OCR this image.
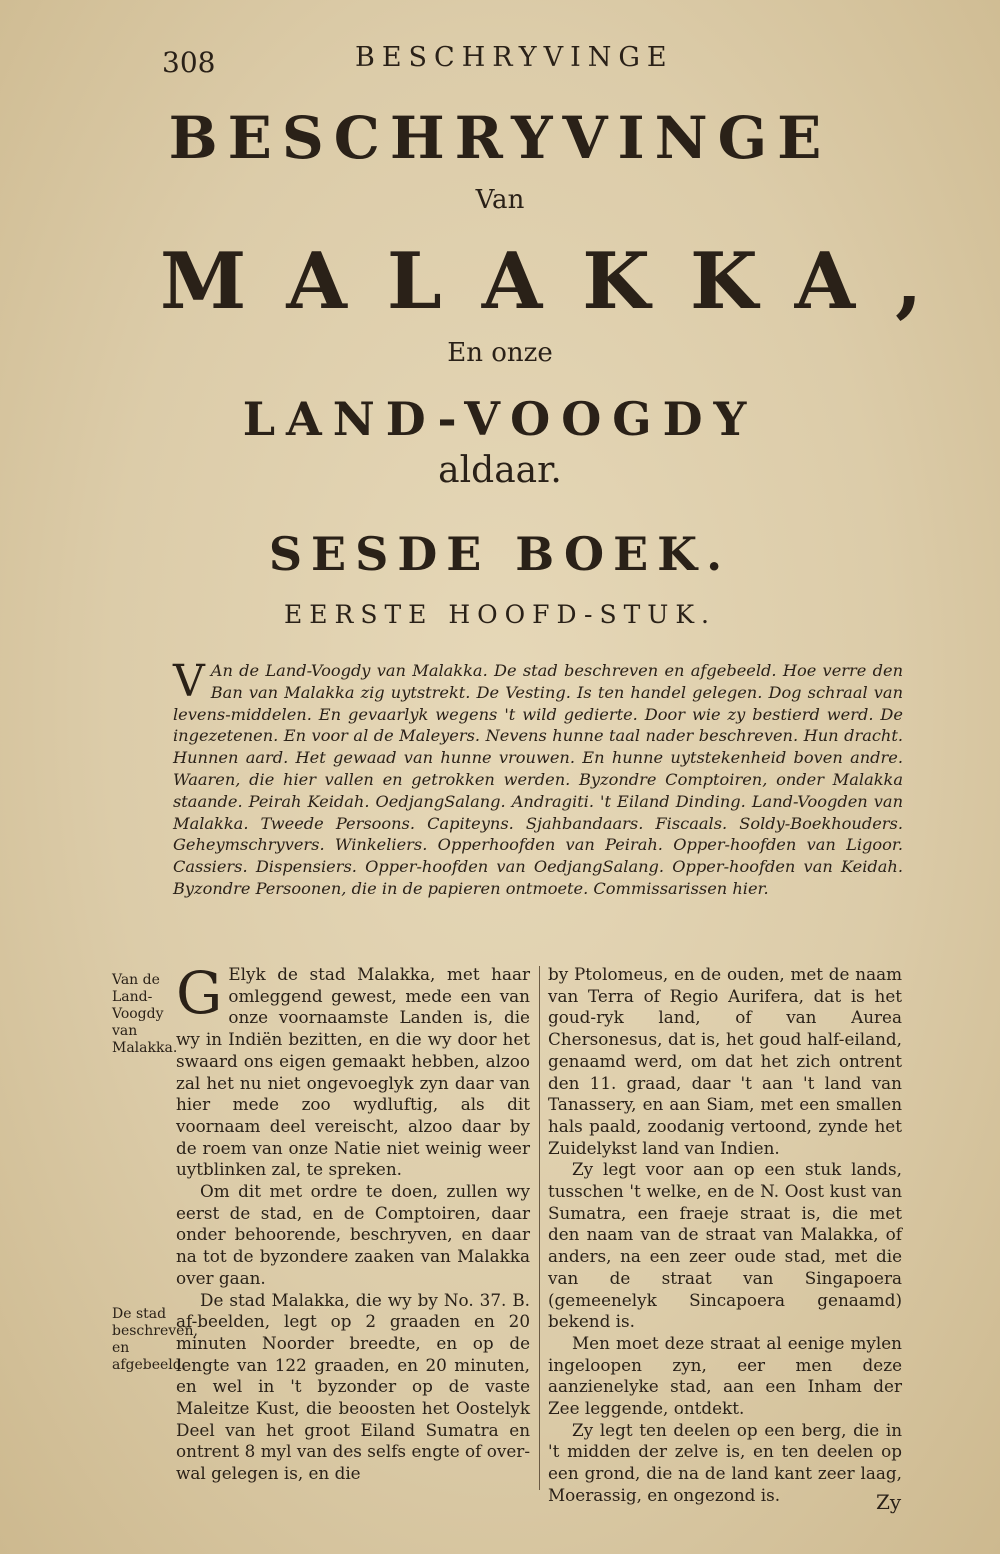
308	BESCHRYVINGE
BESCHRYVINGE
Van
MALAKKA,
En onze
LAND-VOOGDY
aldaar.
SESDE BOEK.
EERSTE HOOFD-STUK.
V An de Land-Voogdy van Malakka. De stad beschreven en afgebeeld. Hoe verre den Ban van Malakka zig uytstrekt. De Vesting. Is ten handel gelegen. Dog schraal van levens-middelen. En gevaarlyk wegens 't wild gedierte. Door wie zy bestierd werd. De ingezetenen. En voor al de Maleyers. Nevens hunne taal nader beschreven. Hun dracht. Hunnen aard. Het gewaad van hunne vrouwen. En hunne uytstekenheid boven andre. Waaren, die hier vallen en getrokken werden. Byzondre Comptoiren, onder Malakka staande. Peirah Keidah. OedjangSalang. Andragiti. 't Eiland Dinding. Land-Voogden van Malakka. Tweede Persoons. Capiteyns. Sjahbandaars. Fiscaals. Soldy-Boekhouders. Geheymschryvers. Winkeliers. Opperhoofden van Peirah. Opper-hoofden van Ligoor. Cassiers. Dispensiers. Opper-hoofden van OedjangSalang. Opper-hoofden van Keidah. Byzondre Persoonen, die in de papieren ontmoete. Commissarissen hier.
Van de Land-Voogdy van Malakka.
De stad beschreven, en afgebeeld.

G Elyk de stad Malakka, met haar omleggend gewest, mede een van onze voornaamste Landen is, die wy in Indiën bezitten, en die wy door het swaard ons eigen gemaakt hebben, alzoo zal het nu niet ongevoeglyk zyn daar van hier mede zoo wydluftig, als dit voornaam deel vereischt, alzoo daar by de roem van onze Natie niet weinig weer uytblinken zal, te spreken.

Om dit met ordre te doen, zullen wy eerst de stad, en de Comptoiren, daar onder behoorende, beschryven, en daar na tot de byzondere zaaken van Malakka over gaan.

De stad Malakka, die wy by No. 37. B. af-beelden, legt op 2 graaden en 20 minuten Noorder breedte, en op de lengte van 122 graaden, en 20 minuten, en wel in 't byzonder op de vaste Maleitze Kust, die beoosten het Oostelyk Deel van het groot Eiland Sumatra en ontrent 8 myl van des selfs engte of over-wal gelegen is, en die

by Ptolomeus, en de ouden, met de naam van Terra of Regio Aurifera, dat is het goud-ryk land, of van Aurea Chersonesus, dat is, het goud half-eiland, genaamd werd, om dat het zich ontrent den 11. graad, daar 't aan 't land van Tanassery, en aan Siam, met een smallen hals paald, zoodanig vertoond, zynde het Zuidelykst land van Indien.

Zy legt voor aan op een stuk lands, tusschen 't welke, en de N. Oost kust van Sumatra, een fraeje straat is, die met den naam van de straat van Malakka, of anders, na een zeer oude stad, met die van de straat van Singapoera (gemeenelyk Sincapoera genaamd) bekend is.

Men moet deze straat al eenige mylen ingeloopen zyn, eer men deze aanzienelyke stad, aan een Inham der Zee leggende, ontdekt.

Zy legt ten deelen op een berg, die in 't midden der zelve is, en ten deelen op een grond, die na de land kant zeer laag, Moerassig, en ongezond is.	Zy
